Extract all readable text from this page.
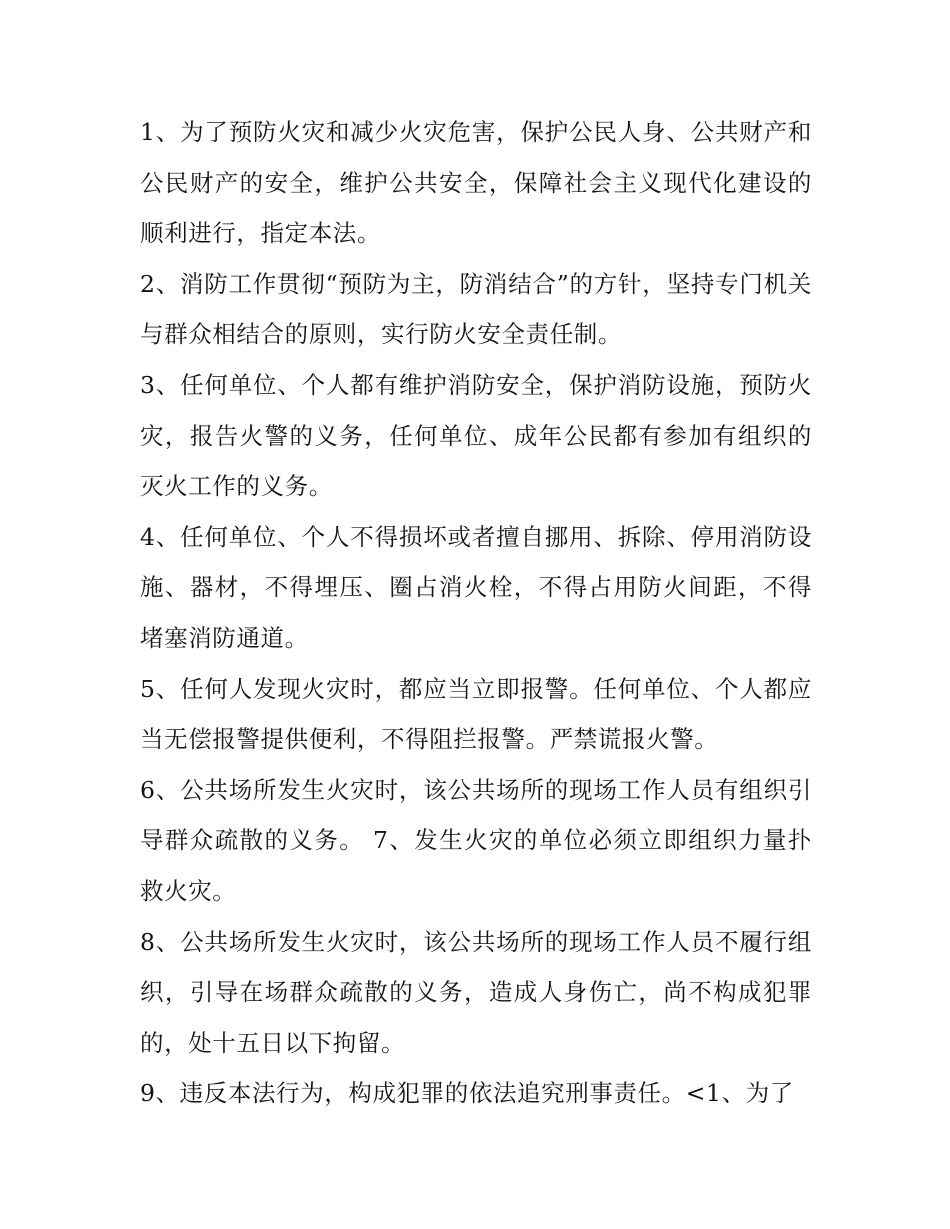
1、为了预防火灾和减少火灾危害，保护公民人身、公共财产和公民财产的安全，维护公共安全，保障社会主义现代化建设的顺利进行，指定本法。

2、消防工作贯彻“预防为主，防消结合”的方针，坚持专门机关与群众相结合的原则，实行防火安全责任制。

3、任何单位、个人都有维护消防安全，保护消防设施，预防火灾，报告火警的义务，任何单位、成年公民都有参加有组织的灭火工作的义务。

4、任何单位、个人不得损坏或者擅自挪用、拆除、停用消防设施、器材，不得埋压、圈占消火栓，不得占用防火间距，不得堵塞消防通道。

5、任何人发现火灾时，都应当立即报警。任何单位、个人都应当无偿报警提供便利，不得阻拦报警。严禁谎报火警。

6、公共场所发生火灾时，该公共场所的现场工作人员有组织引导群众疏散的义务。 7、发生火灾的单位必须立即组织力量扑救火灾。

8、公共场所发生火灾时，该公共场所的现场工作人员不履行组织，引导在场群众疏散的义务，造成人身伤亡，尚不构成犯罪的，处十五日以下拘留。

9、违反本法行为，构成犯罪的依法追究刑事责任。<1、为了
